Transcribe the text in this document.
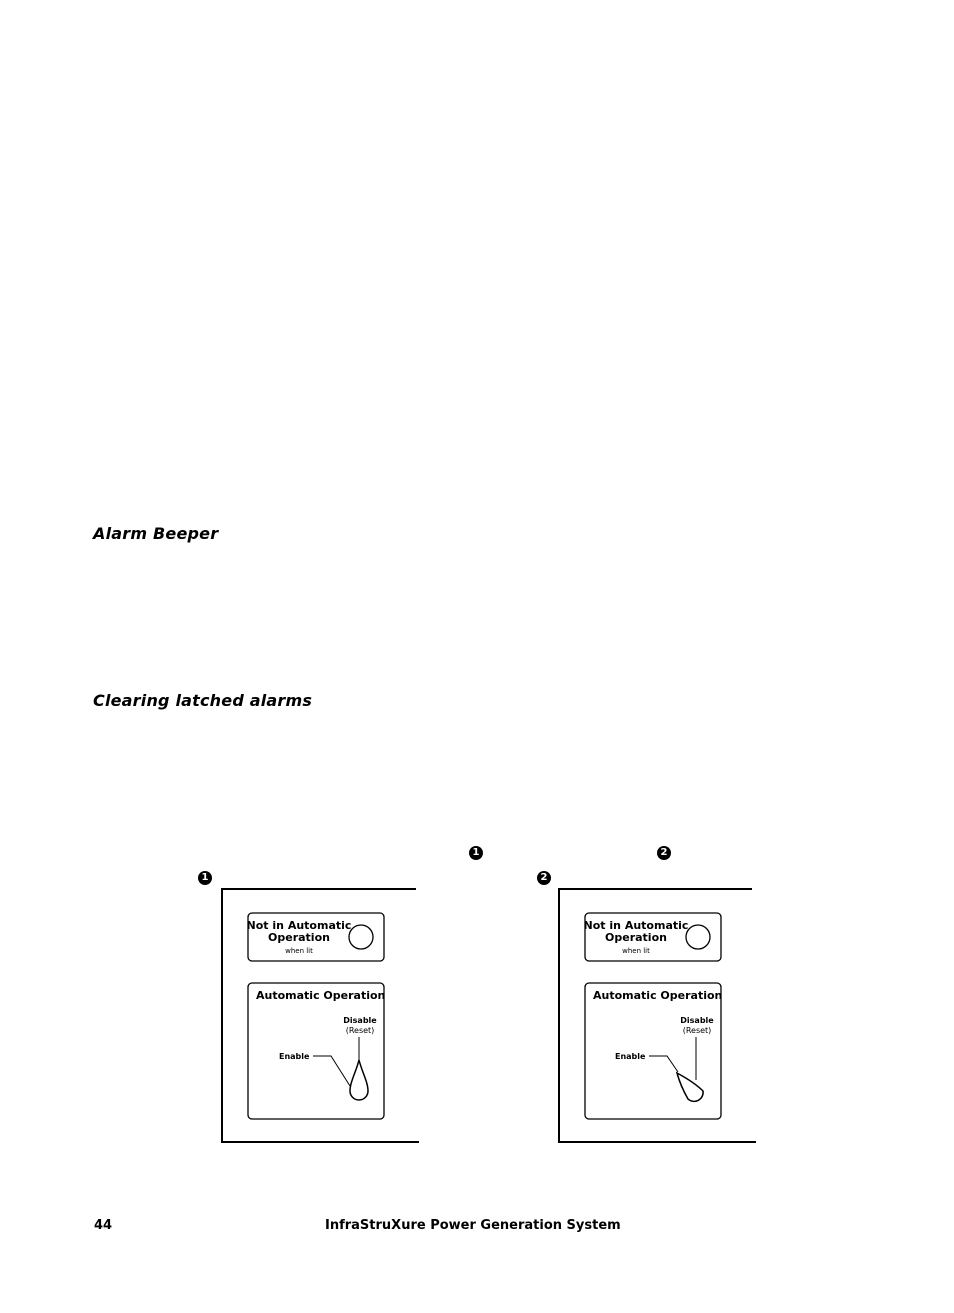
Alarm Beeper
Clearing latched alarms
1	2
1	2
Not in Automatic
Operation
when lit
Automatic Operation
Disable
(Reset)
Enable
Not in Automatic
Operation
when lit
Automatic Operation
Disable
(Reset)
Enable

44	InfraStruXure Power Generation System
